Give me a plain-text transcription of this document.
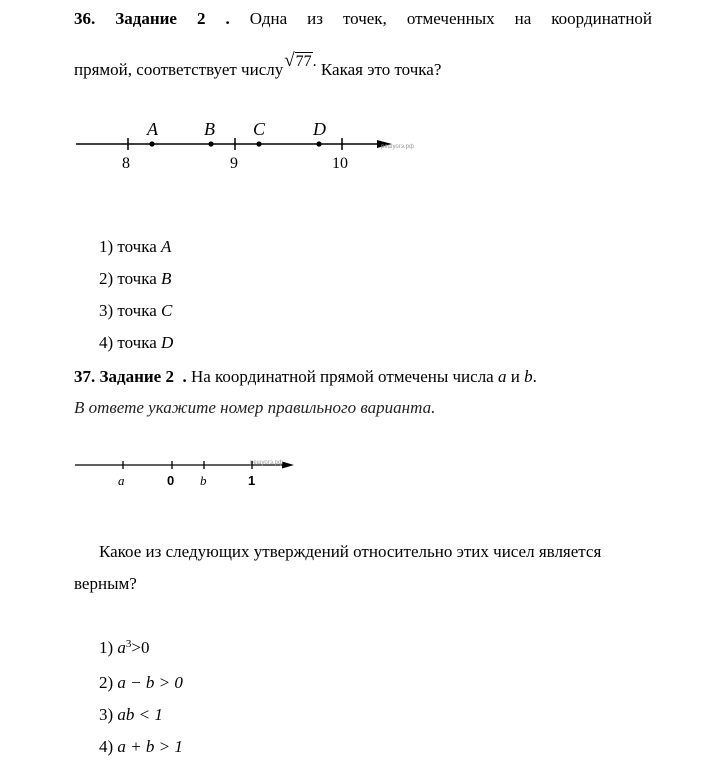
36. Задание 2 . Одна из точек, отмеченных на координатной
прямой, соответствует числу√77. Какая это точка?
решуогэ.рф
8	9	10
A	B C	D
1) точка A
2) точка B
3) точка C
4) точка D
37. Задание 2 . На координатной прямой отмечены числа a и b.
В ответе укажите номер правильного варианта.
решуогэ.рф
a	0 b	1
Какое из следующих утверждений относительно этих чисел является
верным?
1) $a^3>0$
2) a − b > 0
3) ab < 1
4) a + b > 1
